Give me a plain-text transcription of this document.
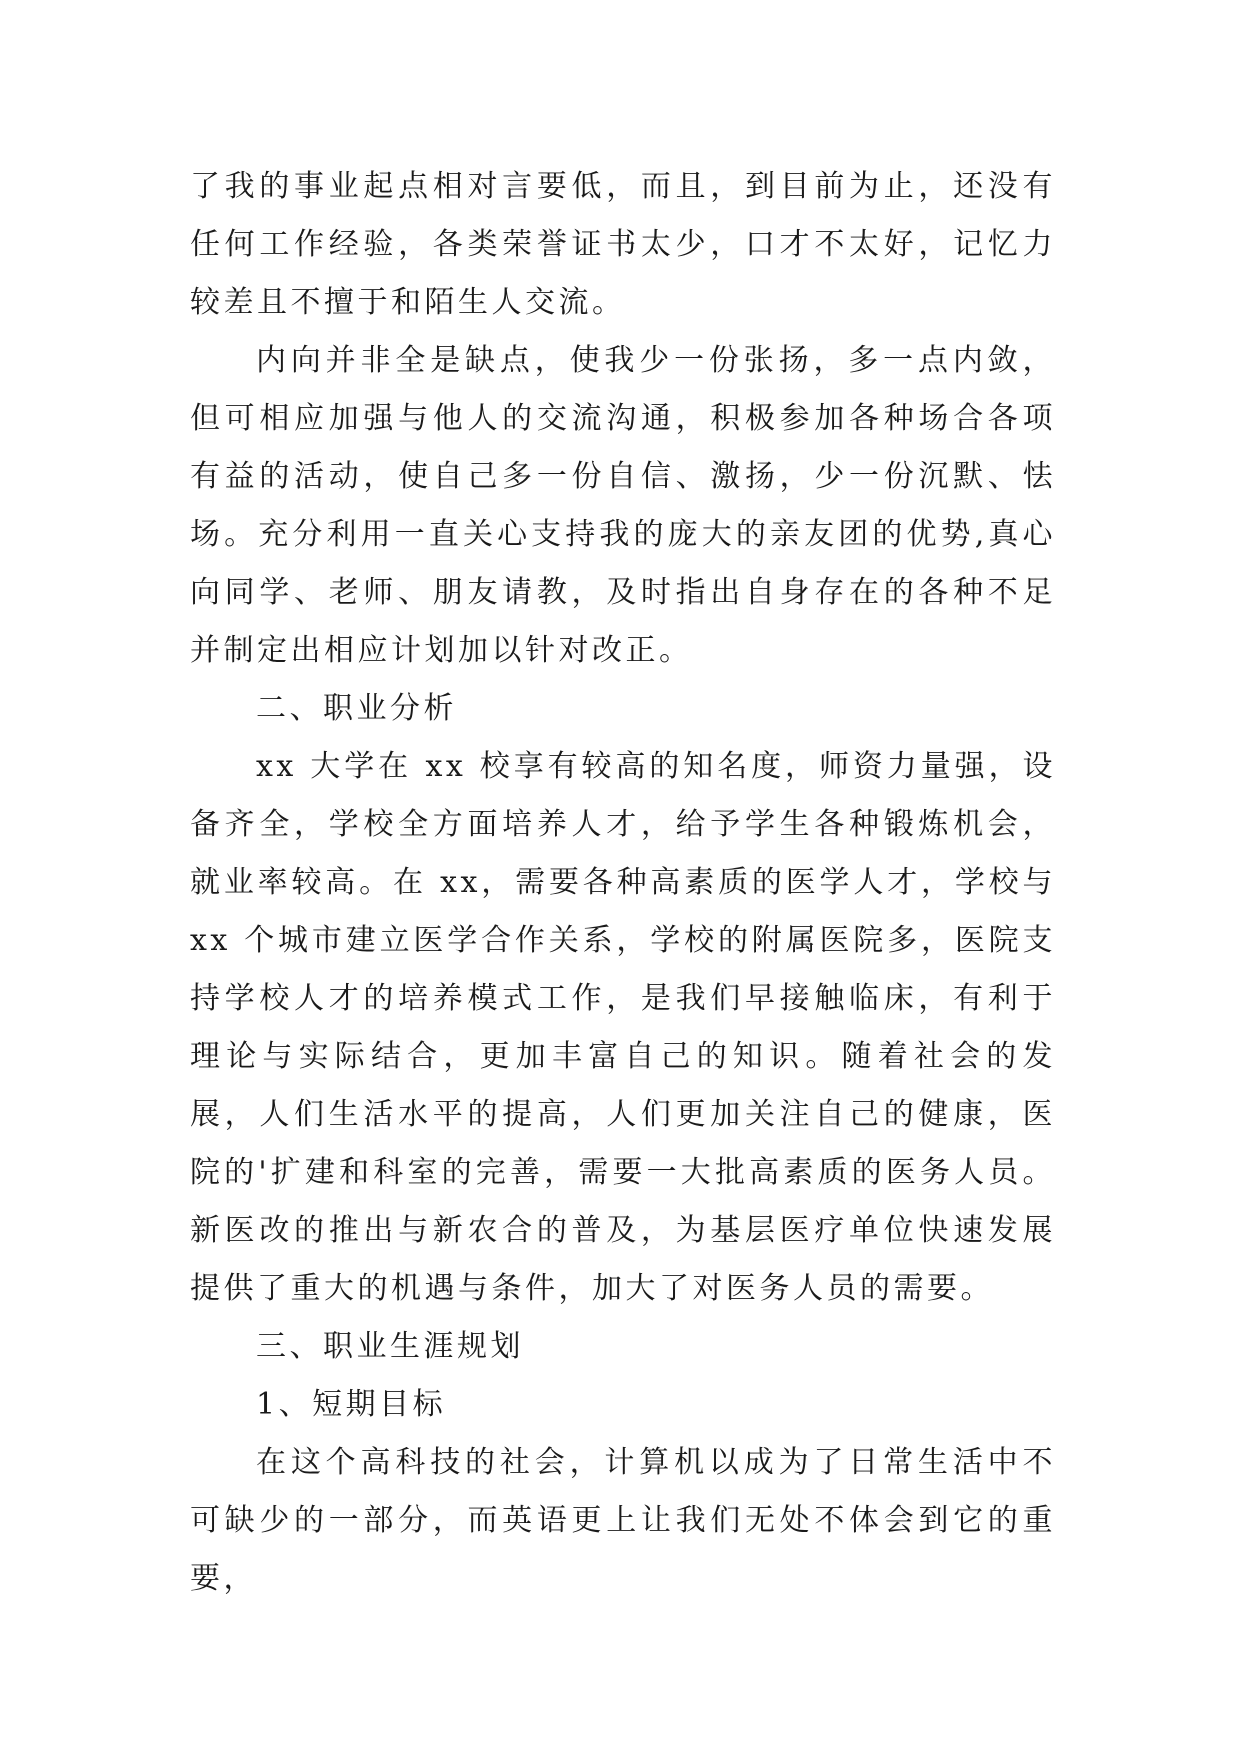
了我的事业起点相对言要低，而且，到目前为止，还没有任何工作经验，各类荣誉证书太少，口才不太好，记忆力较差且不擅于和陌生人交流。

内向并非全是缺点，使我少一份张扬，多一点内敛，但可相应加强与他人的交流沟通，积极参加各种场合各项有益的活动，使自己多一份自信、激扬，少一份沉默、怯场。充分利用一直关心支持我的庞大的亲友团的优势,真心向同学、老师、朋友请教，及时指出自身存在的各种不足并制定出相应计划加以针对改正。

二、职业分析

xx 大学在 xx 校享有较高的知名度，师资力量强，设备齐全，学校全方面培养人才，给予学生各种锻炼机会，就业率较高。在 xx，需要各种高素质的医学人才，学校与 xx 个城市建立医学合作关系，学校的附属医院多，医院支持学校人才的培养模式工作，是我们早接触临床，有利于理论与实际结合，更加丰富自己的知识。随着社会的发展，人们生活水平的提高，人们更加关注自己的健康，医院的'扩建和科室的完善，需要一大批高素质的医务人员。新医改的推出与新农合的普及，为基层医疗单位快速发展提供了重大的机遇与条件，加大了对医务人员的需要。

三、职业生涯规划

1、短期目标

在这个高科技的社会，计算机以成为了日常生活中不可缺少的一部分，而英语更上让我们无处不体会到它的重要，
